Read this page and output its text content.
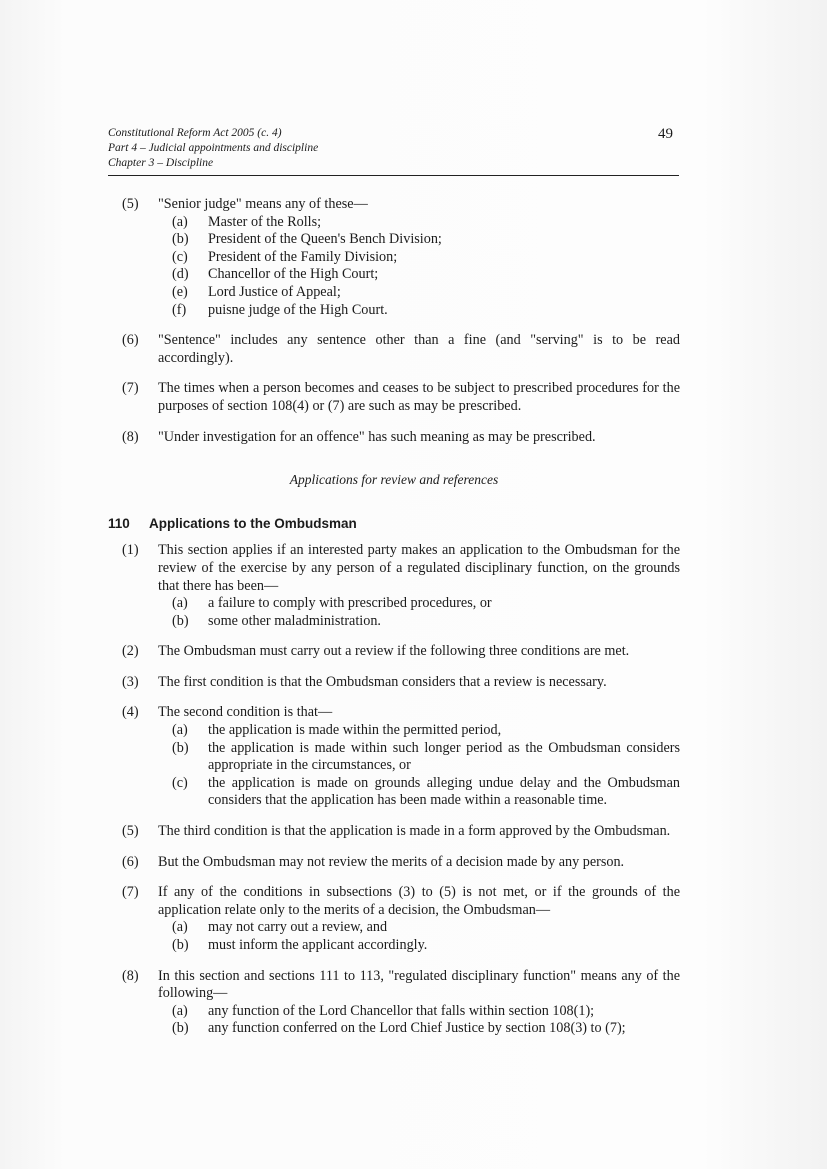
Constitutional Reform Act 2005 (c. 4)
Part 4 – Judicial appointments and discipline
Chapter 3 – Discipline
49
(5) "Senior judge" means any of these—
(a) Master of the Rolls;
(b) President of the Queen's Bench Division;
(c) President of the Family Division;
(d) Chancellor of the High Court;
(e) Lord Justice of Appeal;
(f) puisne judge of the High Court.
(6) "Sentence" includes any sentence other than a fine (and "serving" is to be read accordingly).
(7) The times when a person becomes and ceases to be subject to prescribed procedures for the purposes of section 108(4) or (7) are such as may be prescribed.
(8) "Under investigation for an offence" has such meaning as may be prescribed.
Applications for review and references
110 Applications to the Ombudsman
(1) This section applies if an interested party makes an application to the Ombudsman for the review of the exercise by any person of a regulated disciplinary function, on the grounds that there has been—
(a) a failure to comply with prescribed procedures, or
(b) some other maladministration.
(2) The Ombudsman must carry out a review if the following three conditions are met.
(3) The first condition is that the Ombudsman considers that a review is necessary.
(4) The second condition is that—
(a) the application is made within the permitted period,
(b) the application is made within such longer period as the Ombudsman considers appropriate in the circumstances, or
(c) the application is made on grounds alleging undue delay and the Ombudsman considers that the application has been made within a reasonable time.
(5) The third condition is that the application is made in a form approved by the Ombudsman.
(6) But the Ombudsman may not review the merits of a decision made by any person.
(7) If any of the conditions in subsections (3) to (5) is not met, or if the grounds of the application relate only to the merits of a decision, the Ombudsman—
(a) may not carry out a review, and
(b) must inform the applicant accordingly.
(8) In this section and sections 111 to 113, "regulated disciplinary function" means any of the following—
(a) any function of the Lord Chancellor that falls within section 108(1);
(b) any function conferred on the Lord Chief Justice by section 108(3) to (7);
